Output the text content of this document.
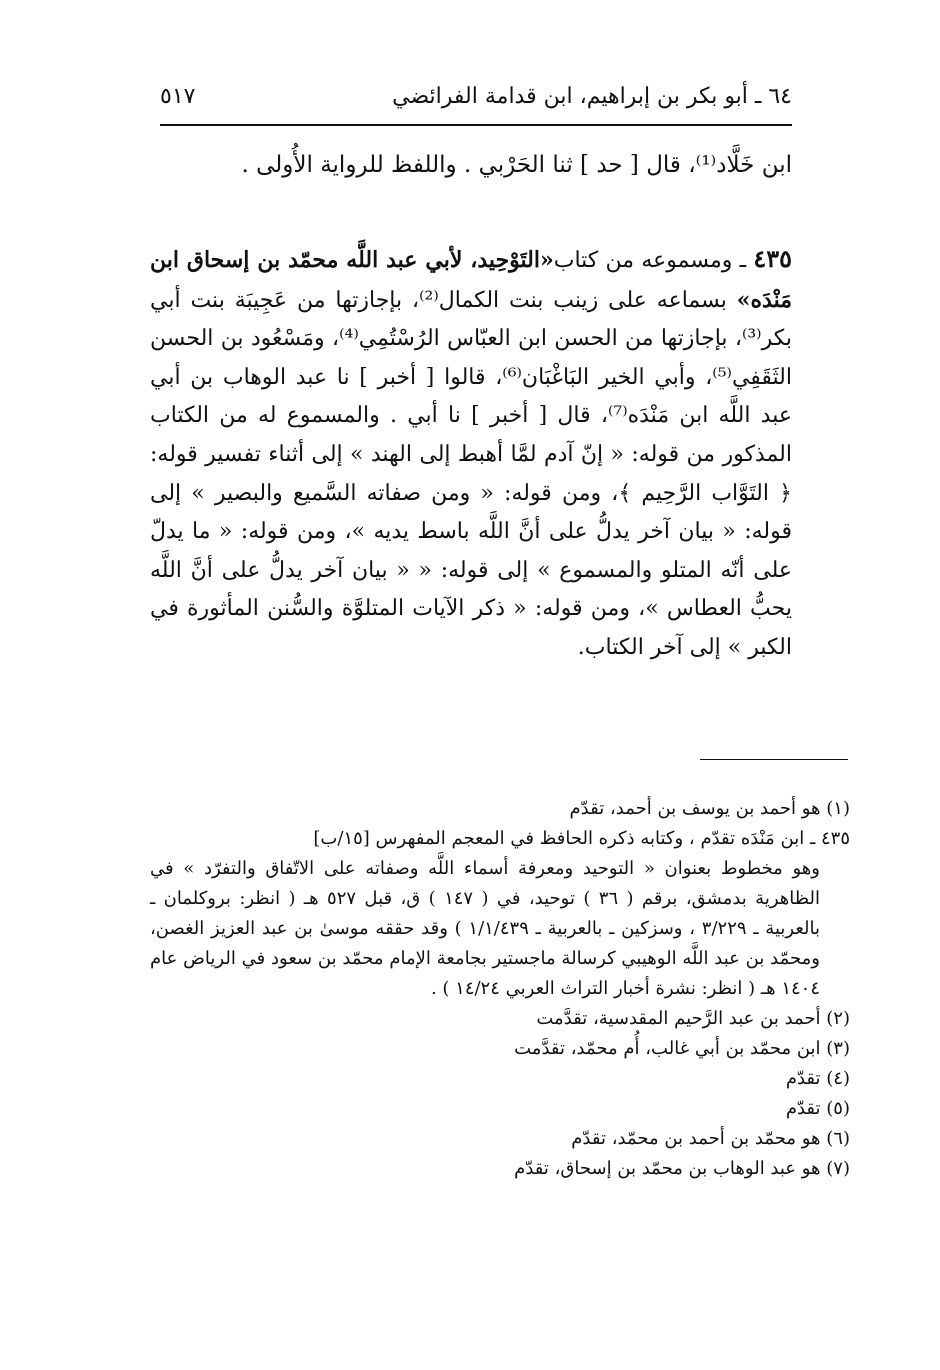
٦٤ ـ أبو بكر بن إبراهيم، ابن قدامة الفرائضي
٥١٧
ابن خَلَّاد⁽¹⁾، قال [ حد ] ثنا الحَرْبي . واللفظ للرواية الأُولى .
٤٣٥ ـ ومسموعه من كتاب«التَوْحِيد، لأبي عبد اللَّه محمّد بن إسحاق ابن مَنْدَه» بسماعه على زينب بنت الكمال⁽²⁾، بإجازتها من عَجِيبَة بنت أبي بكر⁽³⁾، بإجازتها من الحسن ابن العبّاس الرُسْتُمِي⁽⁴⁾، ومَسْعُود بن الحسن الثَقَفِي⁽⁵⁾، وأبي الخير البَاغْبَان⁽⁶⁾، قالوا [ أخبر ] نا عبد الوهاب بن أبي عبد اللَّه ابن مَنْدَه⁽⁷⁾، قال [ أخبر ] نا أبي . والمسموع له من الكتاب المذكور من قوله: « إنّ آدم لمَّا أهبط إلى الهند » إلى أثناء تفسير قوله: ﴿ التَوَّاب الرَّحِيم ﴾، ومن قوله: « ومن صفاته السَّميع والبصير » إلى قوله: « بيان آخر يدلُّ على أنَّ اللَّه باسط يديه »، ومن قوله: « ما يدلّ على أنّه المتلو والمسموع » إلى قوله: « « بيان آخر يدلُّ على أنَّ اللَّه يحبُّ العطاس »، ومن قوله: « ذكر الآيات المتلوَّة والسُّنن المأثورة في الكبر » إلى آخر الكتاب.
(١) هو أحمد بن يوسف بن أحمد، تقدّم
٤٣٥ ـ ابن مَنْدَه تقدّم ، وكتابه ذكره الحافظ في المعجم المفهرس [١٥/ب]
وهو مخطوط بعنوان « التوحيد ومعرفة أسماء اللَّه وصفاته على الاتّفاق والتفرّد » في الظاهرية بدمشق، برقم ( ٣٦ ) توحيد، في ( ١٤٧ ) ق، قبل ٥٢٧ هـ ( انظر: بروكلمان ـ بالعربية ـ ٣/٢٢٩ ، وسزكين ـ بالعربية ـ ١/١/٤٣٩ ) وقد حققه موسىٰ بن عبد العزيز الغصن، ومحمّد بن عبد اللَّه الوهيبي كرسالة ماجستير بجامعة الإمام محمّد بن سعود في الرياض عام ١٤٠٤ هـ ( انظر: نشرة أخبار التراث العربي ١٤/٢٤ ) .
(٢) أحمد بن عبد الرَّحيم المقدسية، تقدَّمت
(٣) ابن محمّد بن أبي غالب، أُم محمّد، تقدَّمت
(٤) تقدّم
(٥) تقدّم
(٦) هو محمّد بن أحمد بن محمّد، تقدّم
(٧) هو عبد الوهاب بن محمّد بن إسحاق، تقدّم
